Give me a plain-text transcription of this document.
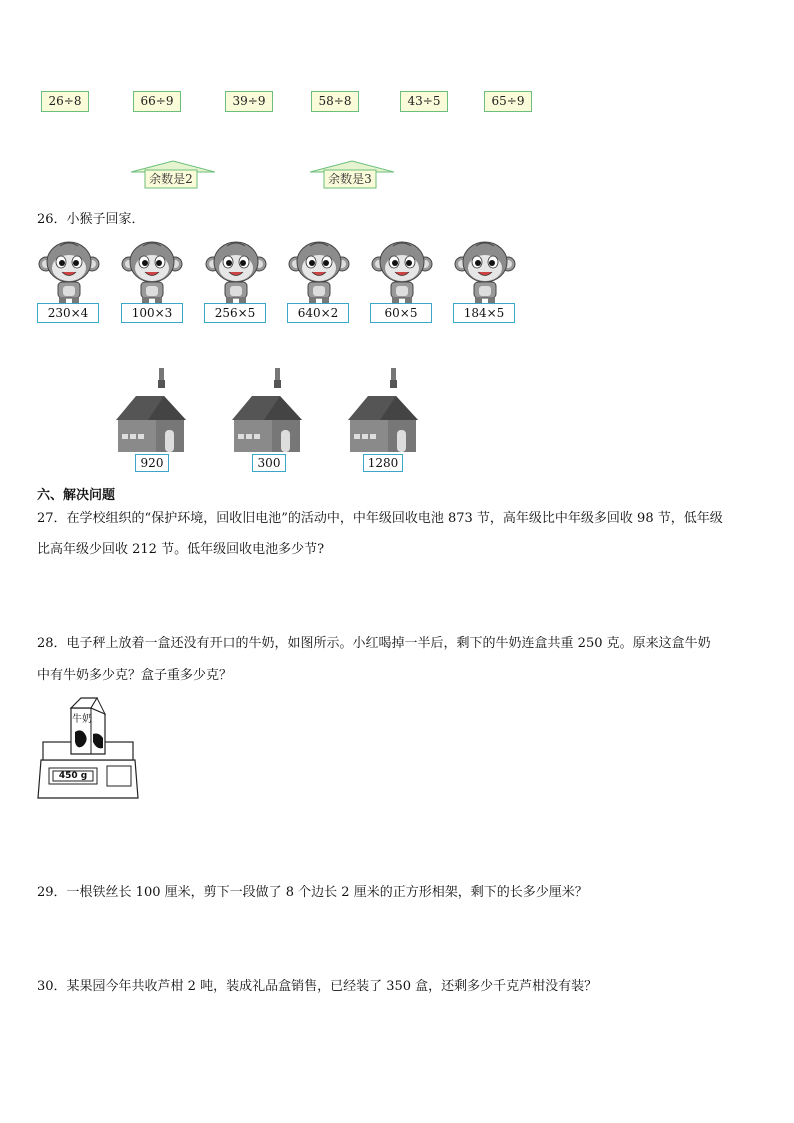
26÷8	66÷9	39÷9	58÷8	43÷5	65÷9
余数是2	余数是3
26．小猴子回家．
230×4	100×3	256×5	640×2	60×5	184×5
920	300	1280
六、解决问题
27．在学校组织的“保护环境，回收旧电池”的活动中，中年级回收电池 873 节，高年级比中年级多回收 98 节，低年级
比高年级少回收 212 节。低年级回收电池多少节?
28．电子秤上放着一盒还没有开口的牛奶，如图所示。小红喝掉一半后，剩下的牛奶连盒共重 250 克。原来这盒牛奶
中有牛奶多少克？盒子重多少克？
牛奶
450 g
29．一根铁丝长 100 厘米，剪下一段做了 8 个边长 2 厘米的正方形相架，剩下的长多少厘米？
30．某果园今年共收芦柑 2 吨，装成礼品盒销售，已经装了 350 盒，还剩多少千克芦柑没有装？
